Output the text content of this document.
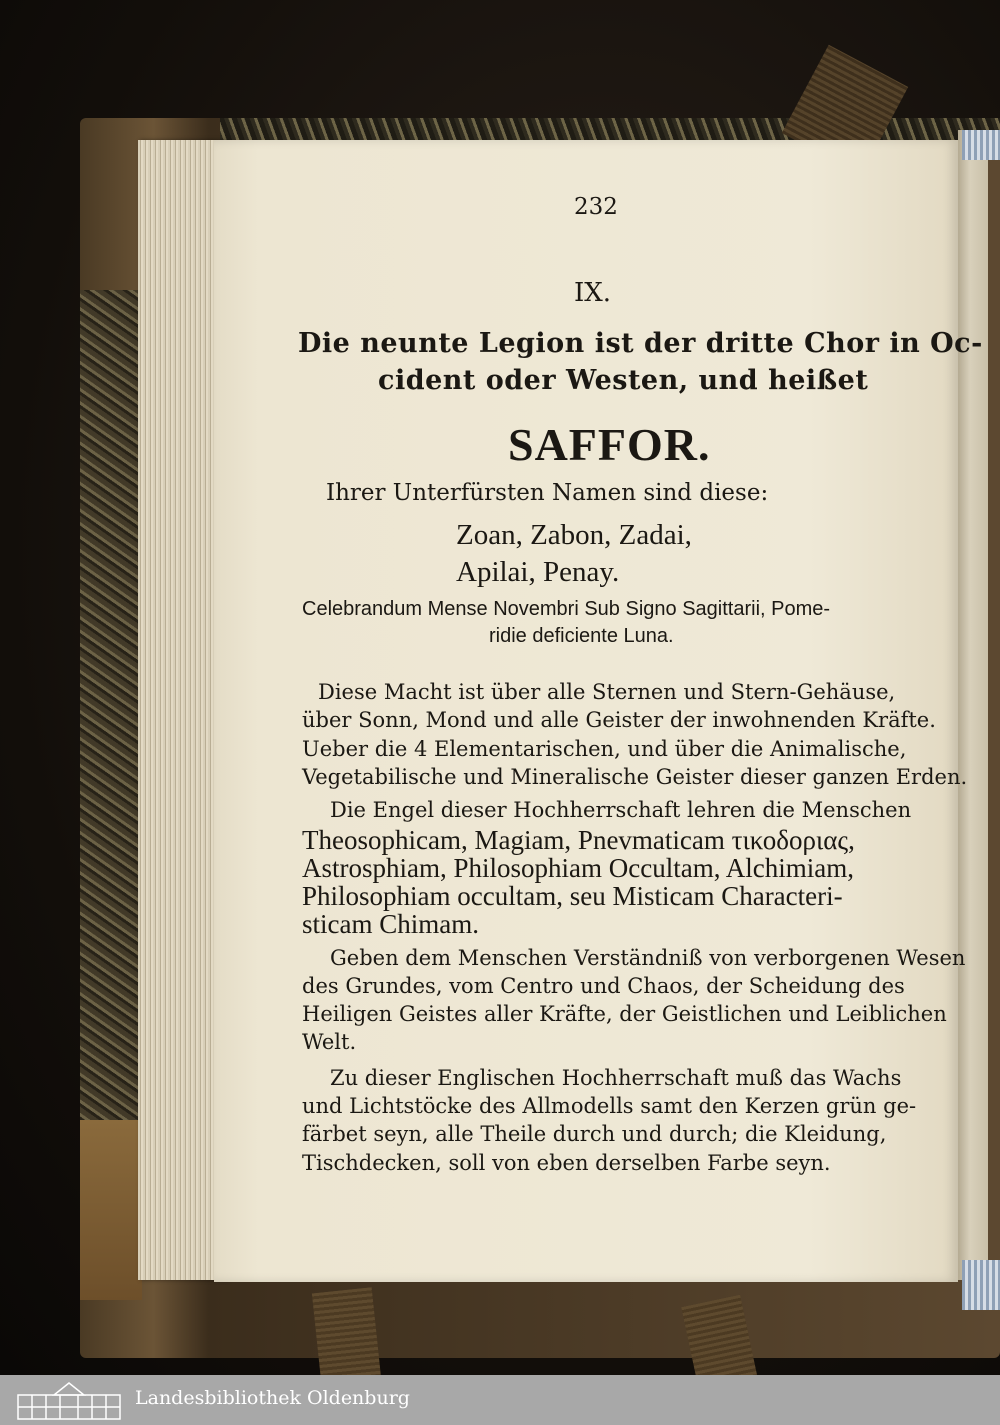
232
IX.
Die neunte Legion ist der dritte Chor in Oc-
cident oder Westen, und heißet
SAFFOR.
Ihrer Unterfürsten Namen sind diese:
Zoan, Zabon, Zadai,
Apilai, Penay.
Celebrandum Mense Novembri Sub Signo Sagittarii, Pome-
ridie deficiente Luna.
Diese Macht ist über alle Sternen und Stern-Gehäuse,
über Sonn, Mond und alle Geister der inwohnenden Kräfte.
Ueber die 4 Elementarischen, und über die Animalische,
Vegetabilische und Mineralische Geister dieser ganzen Erden.
Die Engel dieser Hochherrschaft lehren die Menschen
Theosophicam, Magiam, Pnevmaticam τικοδοριας,
Astrosphiam, Philosophiam Occultam, Alchimiam,
Philosophiam occultam, seu Misticam Characteri-
sticam Chimam.
Geben dem Menschen Verständniß von verborgenen Wesen
des Grundes, vom Centro und Chaos, der Scheidung des
Heiligen Geistes aller Kräfte, der Geistlichen und Leiblichen
Welt.
Zu dieser Englischen Hochherrschaft muß das Wachs
und Lichtstöcke des Allmodells samt den Kerzen grün ge-
färbet seyn, alle Theile durch und durch; die Kleidung,
Tischdecken, soll von eben derselben Farbe seyn.
Landesbibliothek Oldenburg
